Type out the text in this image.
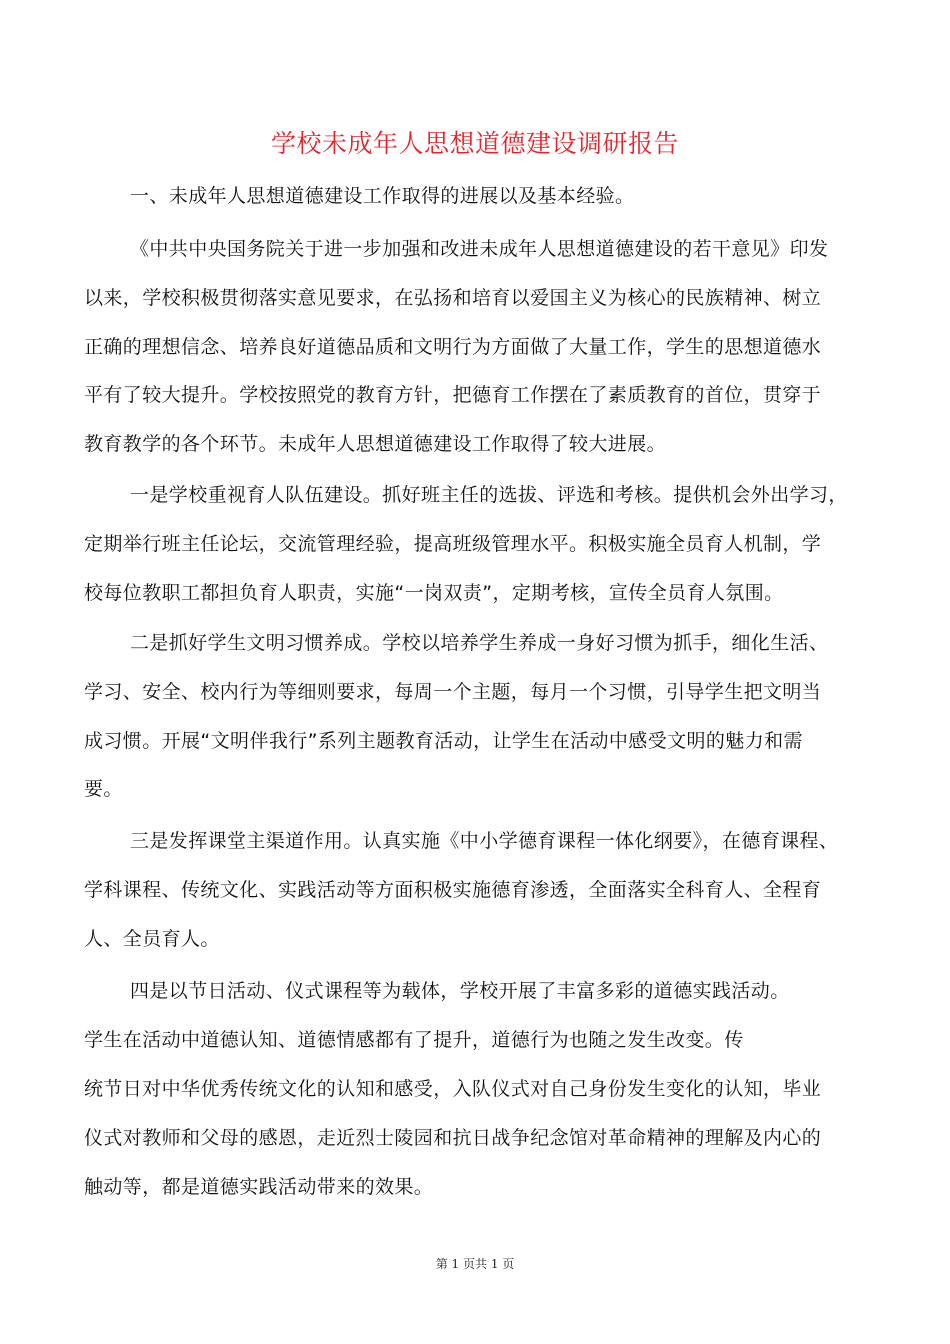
学校未成年人思想道德建设调研报告
一、未成年人思想道德建设工作取得的进展以及基本经验。
《中共中央国务院关于进一步加强和改进未成年人思想道德建设的若干意见》印发
以来，学校积极贯彻落实意见要求，在弘扬和培育以爱国主义为核心的民族精神、树立
正确的理想信念、培养良好道德品质和文明行为方面做了大量工作，学生的思想道德水
平有了较大提升。学校按照党的教育方针，把德育工作摆在了素质教育的首位，贯穿于
教育教学的各个环节。未成年人思想道德建设工作取得了较大进展。
一是学校重视育人队伍建设。抓好班主任的选拔、评选和考核。提供机会外出学习，
定期举行班主任论坛，交流管理经验，提高班级管理水平。积极实施全员育人机制，学
校每位教职工都担负育人职责，实施“一岗双责”，定期考核，宣传全员育人氛围。
二是抓好学生文明习惯养成。学校以培养学生养成一身好习惯为抓手，细化生活、
学习、安全、校内行为等细则要求，每周一个主题，每月一个习惯，引导学生把文明当
成习惯。开展“文明伴我行”系列主题教育活动，让学生在活动中感受文明的魅力和需
要。
三是发挥课堂主渠道作用。认真实施《中小学德育课程一体化纲要》，在德育课程、
学科课程、传统文化、实践活动等方面积极实施德育渗透，全面落实全科育人、全程育
人、全员育人。
四是以节日活动、仪式课程等为载体，学校开展了丰富多彩的道德实践活动。
学生在活动中道德认知、道德情感都有了提升，道德行为也随之发生改变。传
统节日对中华优秀传统文化的认知和感受，入队仪式对自己身份发生变化的认知，毕业
仪式对教师和父母的感恩，走近烈士陵园和抗日战争纪念馆对革命精神的理解及内心的
触动等，都是道德实践活动带来的效果。
第 1 页共 1 页
